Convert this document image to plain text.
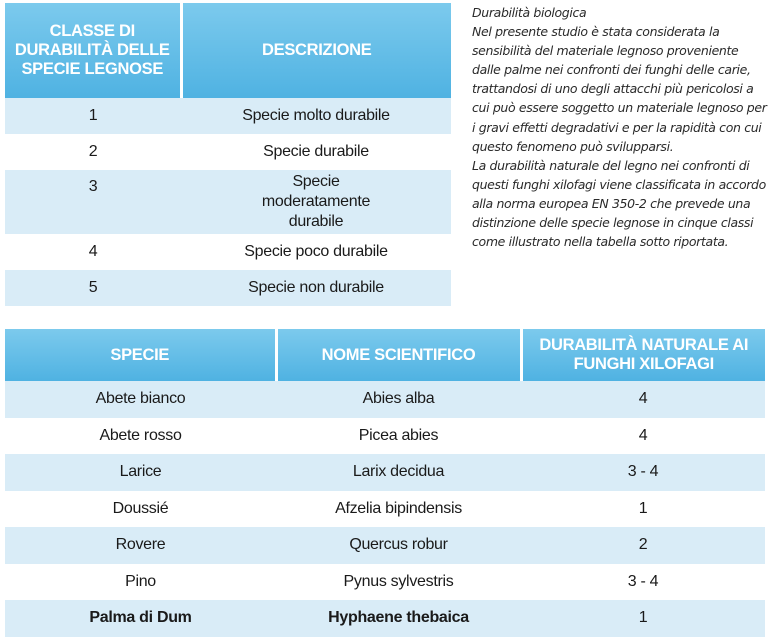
CLASSE DI DURABILITÀ DELLE SPECIE LEGNOSE	DESCRIZIONE
1	Specie molto durabile
2	Specie durabile
3	Specie moderatamente durabile
4	Specie poco durabile
5	Specie non durabile

Durabilità biologica

Nel presente studio è stata considerata la sensibilità del materiale legnoso proveniente dalle palme nei confronti dei funghi delle carie, trattandosi di uno degli attacchi più pericolosi a cui può essere soggetto un materiale legnoso per i gravi effetti degradativi e per la rapidità con cui questo fenomeno può svilupparsi.

La durabilità naturale del legno nei confronti di questi funghi xilofagi viene classificata in accordo alla norma europea EN 350-2 che prevede una distinzione delle specie legnose in cinque classi come illustrato nella tabella sotto riportata.

SPECIE	NOME SCIENTIFICO	DURABILITÀ NATURALE AI FUNGHI XILOFAGI
Abete bianco	Abies alba	4
Abete rosso	Picea abies	4
Larice	Larix decidua	3 - 4
Doussié	Afzelia bipindensis	1
Rovere	Quercus robur	2
Pino	Pynus sylvestris	3 - 4
Palma di Dum	Hyphaene thebaica	1
